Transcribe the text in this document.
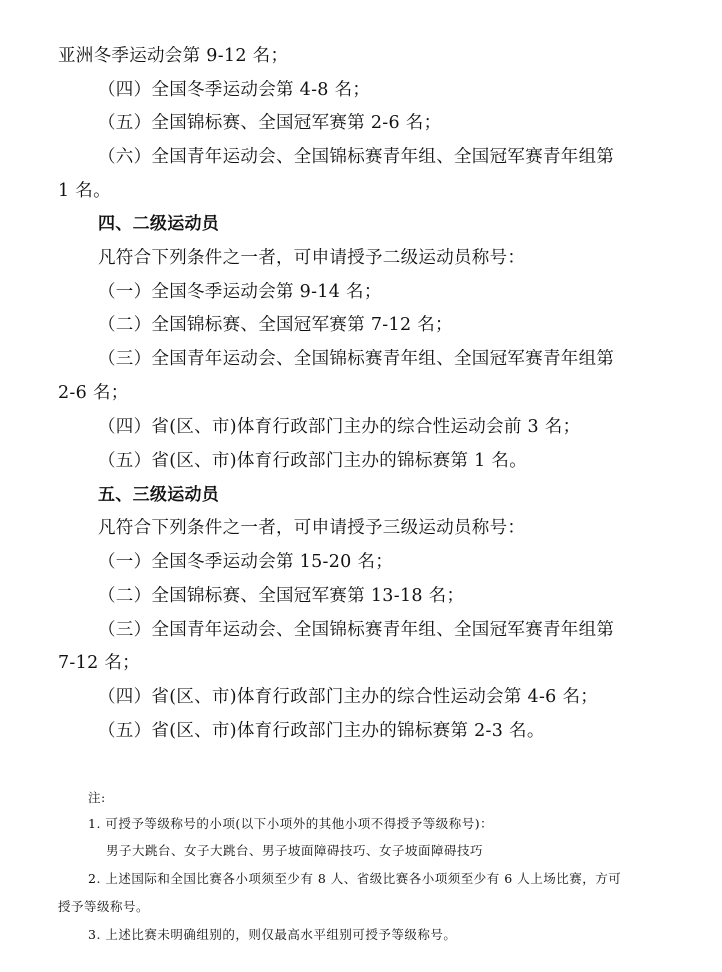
亚洲冬季运动会第 9-12 名；
（四）全国冬季运动会第 4-8 名；
（五）全国锦标赛、全国冠军赛第 2-6 名；
（六）全国青年运动会、全国锦标赛青年组、全国冠军赛青年组第
1 名。
四、二级运动员
凡符合下列条件之一者，可申请授予二级运动员称号：
（一）全国冬季运动会第 9-14 名；
（二）全国锦标赛、全国冠军赛第 7-12 名；
（三）全国青年运动会、全国锦标赛青年组、全国冠军赛青年组第
2-6 名；
（四）省(区、市)体育行政部门主办的综合性运动会前 3 名；
（五）省(区、市)体育行政部门主办的锦标赛第 1 名。
五、三级运动员
凡符合下列条件之一者，可申请授予三级运动员称号：
（一）全国冬季运动会第 15-20 名；
（二）全国锦标赛、全国冠军赛第 13-18 名；
（三）全国青年运动会、全国锦标赛青年组、全国冠军赛青年组第
7-12 名；
（四）省(区、市)体育行政部门主办的综合性运动会第 4-6 名；
（五）省(区、市)体育行政部门主办的锦标赛第 2-3 名。
注:
1. 可授予等级称号的小项(以下小项外的其他小项不得授予等级称号)：
男子大跳台、女子大跳台、男子坡面障碍技巧、女子坡面障碍技巧
2. 上述国际和全国比赛各小项须至少有 8 人、省级比赛各小项须至少有 6 人上场比赛，方可
授予等级称号。
3. 上述比赛未明确组别的，则仅最高水平组别可授予等级称号。
